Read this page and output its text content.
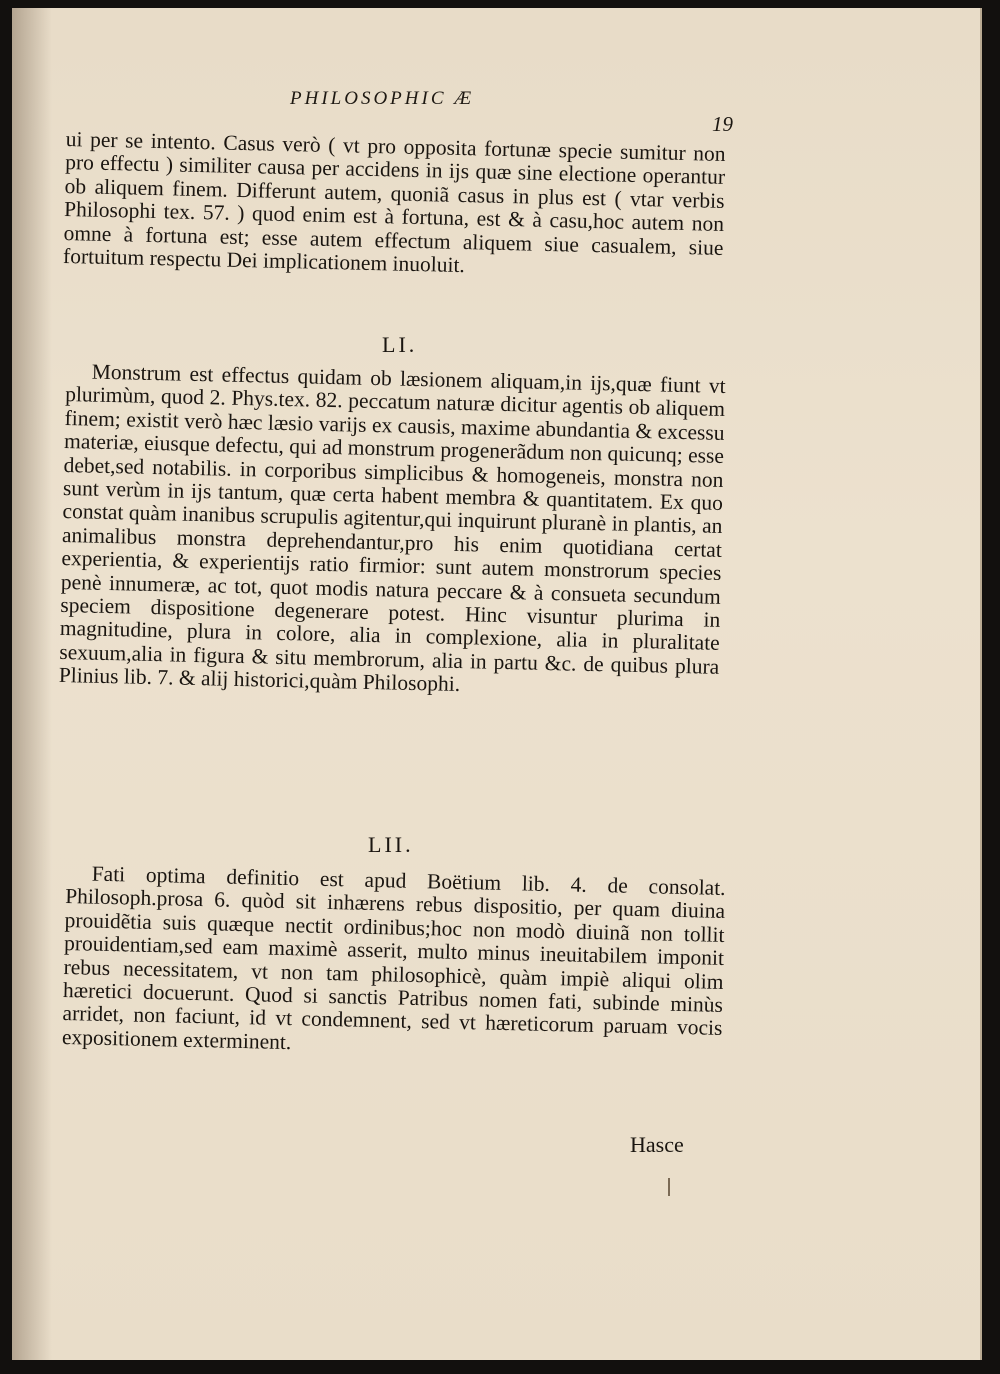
PHILOSOPHIC Æ
19
ui per se intento. Casus verò ( vt pro opposita fortunæ specie sumitur non pro effectu ) similiter causa per accidens in ijs quæ sine electione operantur ob aliquem finem. Differunt autem, quoniã casus in plus est ( vtar verbis Philosophi tex. 57. ) quod enim est à fortuna, est & à casu,hoc autem non omne à fortuna est; esse autem effectum aliquem siue casualem, siue fortuitum respectu Dei implicationem inuoluit.
LI.
Monstrum est effectus quidam ob læsionem aliquam,in ijs,quæ fiunt vt plurimùm, quod 2. Phys.tex. 82. peccatum naturæ dicitur agentis ob aliquem finem; existit verò hæc læsio varijs ex causis, maxime abundantia & excessu materiæ, eiusque defectu, qui ad monstrum progenerãdum non quicunq; esse debet,sed notabilis. in corporibus simplicibus & homogeneis, monstra non sunt verùm in ijs tantum, quæ certa habent membra & quantitatem. Ex quo constat quàm inanibus scrupulis agitentur,qui inquirunt pluranè in plantis, an animalibus monstra deprehendantur,pro his enim quotidiana certat experientia, & experientijs ratio firmior: sunt autem monstrorum species penè innumeræ, ac tot, quot modis natura peccare & à consueta secundum speciem dispositione degenerare potest. Hinc visuntur plurima in magnitudine, plura in colore, alia in complexione, alia in pluralitate sexuum,alia in figura & situ membrorum, alia in partu &c. de quibus plura Plinius lib. 7. & alij historici,quàm Philosophi.
LII.
Fati optima definitio est apud Boëtium lib. 4. de consolat. Philosoph.prosa 6. quòd sit inhærens rebus dispositio, per quam diuina prouidẽtia suis quæque nectit ordinibus;hoc non modò diuinã non tollit prouidentiam,sed eam maximè asserit, multo minus ineuitabilem imponit rebus necessitatem, vt non tam philosophicè, quàm impiè aliqui olim hæretici docuerunt. Quod si sanctis Patribus nomen fati, subinde minùs arridet, non faciunt, id vt condemnent, sed vt hæreticorum paruam vocis expositionem exterminent.
Hasce
